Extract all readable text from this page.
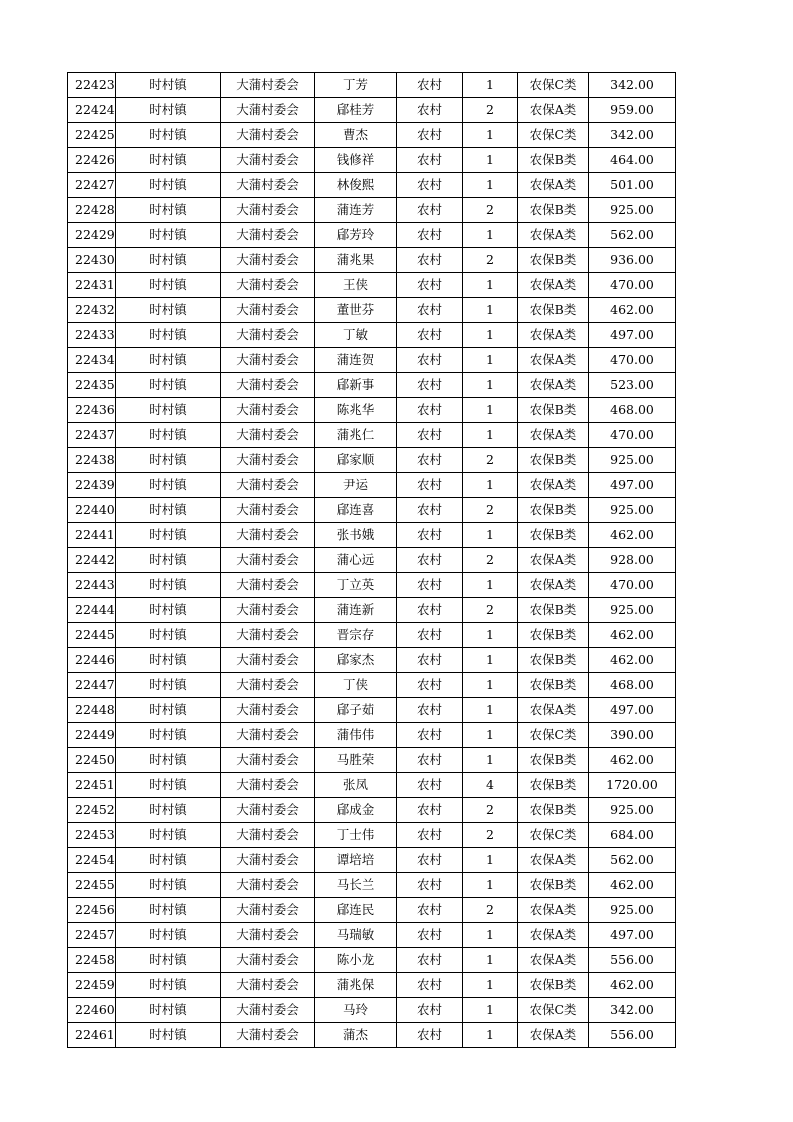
22423	时村镇	大蒲村委会	丁芳	农村	1	农保C类	342.00
22424	时村镇	大蒲村委会	郈桂芳	农村	2	农保A类	959.00
22425	时村镇	大蒲村委会	曹杰	农村	1	农保C类	342.00
22426	时村镇	大蒲村委会	钱修祥	农村	1	农保B类	464.00
22427	时村镇	大蒲村委会	林俊熙	农村	1	农保A类	501.00
22428	时村镇	大蒲村委会	蒲连芳	农村	2	农保B类	925.00
22429	时村镇	大蒲村委会	郈芳玲	农村	1	农保A类	562.00
22430	时村镇	大蒲村委会	蒲兆果	农村	2	农保B类	936.00
22431	时村镇	大蒲村委会	王侠	农村	1	农保A类	470.00
22432	时村镇	大蒲村委会	董世芬	农村	1	农保B类	462.00
22433	时村镇	大蒲村委会	丁敏	农村	1	农保A类	497.00
22434	时村镇	大蒲村委会	蒲连贺	农村	1	农保A类	470.00
22435	时村镇	大蒲村委会	郈新事	农村	1	农保A类	523.00
22436	时村镇	大蒲村委会	陈兆华	农村	1	农保B类	468.00
22437	时村镇	大蒲村委会	蒲兆仁	农村	1	农保A类	470.00
22438	时村镇	大蒲村委会	郈家顺	农村	2	农保B类	925.00
22439	时村镇	大蒲村委会	尹运	农村	1	农保A类	497.00
22440	时村镇	大蒲村委会	郈连喜	农村	2	农保B类	925.00
22441	时村镇	大蒲村委会	张书娥	农村	1	农保B类	462.00
22442	时村镇	大蒲村委会	蒲心远	农村	2	农保A类	928.00
22443	时村镇	大蒲村委会	丁立英	农村	1	农保A类	470.00
22444	时村镇	大蒲村委会	蒲连新	农村	2	农保B类	925.00
22445	时村镇	大蒲村委会	晋宗存	农村	1	农保B类	462.00
22446	时村镇	大蒲村委会	郈家杰	农村	1	农保B类	462.00
22447	时村镇	大蒲村委会	丁侠	农村	1	农保B类	468.00
22448	时村镇	大蒲村委会	郈子茹	农村	1	农保A类	497.00
22449	时村镇	大蒲村委会	蒲伟伟	农村	1	农保C类	390.00
22450	时村镇	大蒲村委会	马胜荣	农村	1	农保B类	462.00
22451	时村镇	大蒲村委会	张凤	农村	4	农保B类	1720.00
22452	时村镇	大蒲村委会	郈成金	农村	2	农保B类	925.00
22453	时村镇	大蒲村委会	丁士伟	农村	2	农保C类	684.00
22454	时村镇	大蒲村委会	谭培培	农村	1	农保A类	562.00
22455	时村镇	大蒲村委会	马长兰	农村	1	农保B类	462.00
22456	时村镇	大蒲村委会	郈连民	农村	2	农保A类	925.00
22457	时村镇	大蒲村委会	马瑞敏	农村	1	农保A类	497.00
22458	时村镇	大蒲村委会	陈小龙	农村	1	农保A类	556.00
22459	时村镇	大蒲村委会	蒲兆保	农村	1	农保B类	462.00
22460	时村镇	大蒲村委会	马玲	农村	1	农保C类	342.00
22461	时村镇	大蒲村委会	蒲杰	农村	1	农保A类	556.00
